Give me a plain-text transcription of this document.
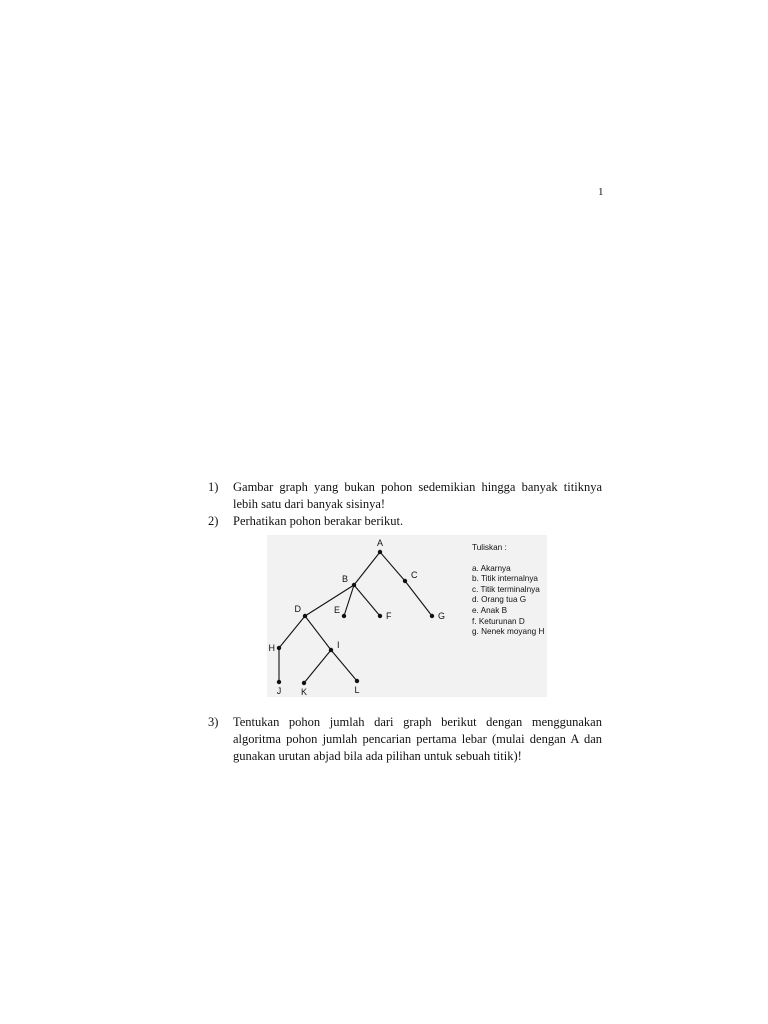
1
1) Gambar graph yang bukan pohon sedemikian hingga banyak titiknya lebih satu dari banyak sisinya!
2) Perhatikan pohon berakar berikut.
A
B	C
D	E
F	G
H	I
J K	L
Tuliskan :
a. Akarnya
b. Titik internalnya
c. Titik terminalnya
d. Orang tua G
e. Anak B
f. Keturunan D
g. Nenek moyang H
3) Tentukan pohon jumlah dari graph berikut dengan menggunakan algoritma pohon jumlah pencarian pertama lebar (mulai dengan A dan gunakan urutan abjad bila ada pilihan untuk sebuah titik)!
